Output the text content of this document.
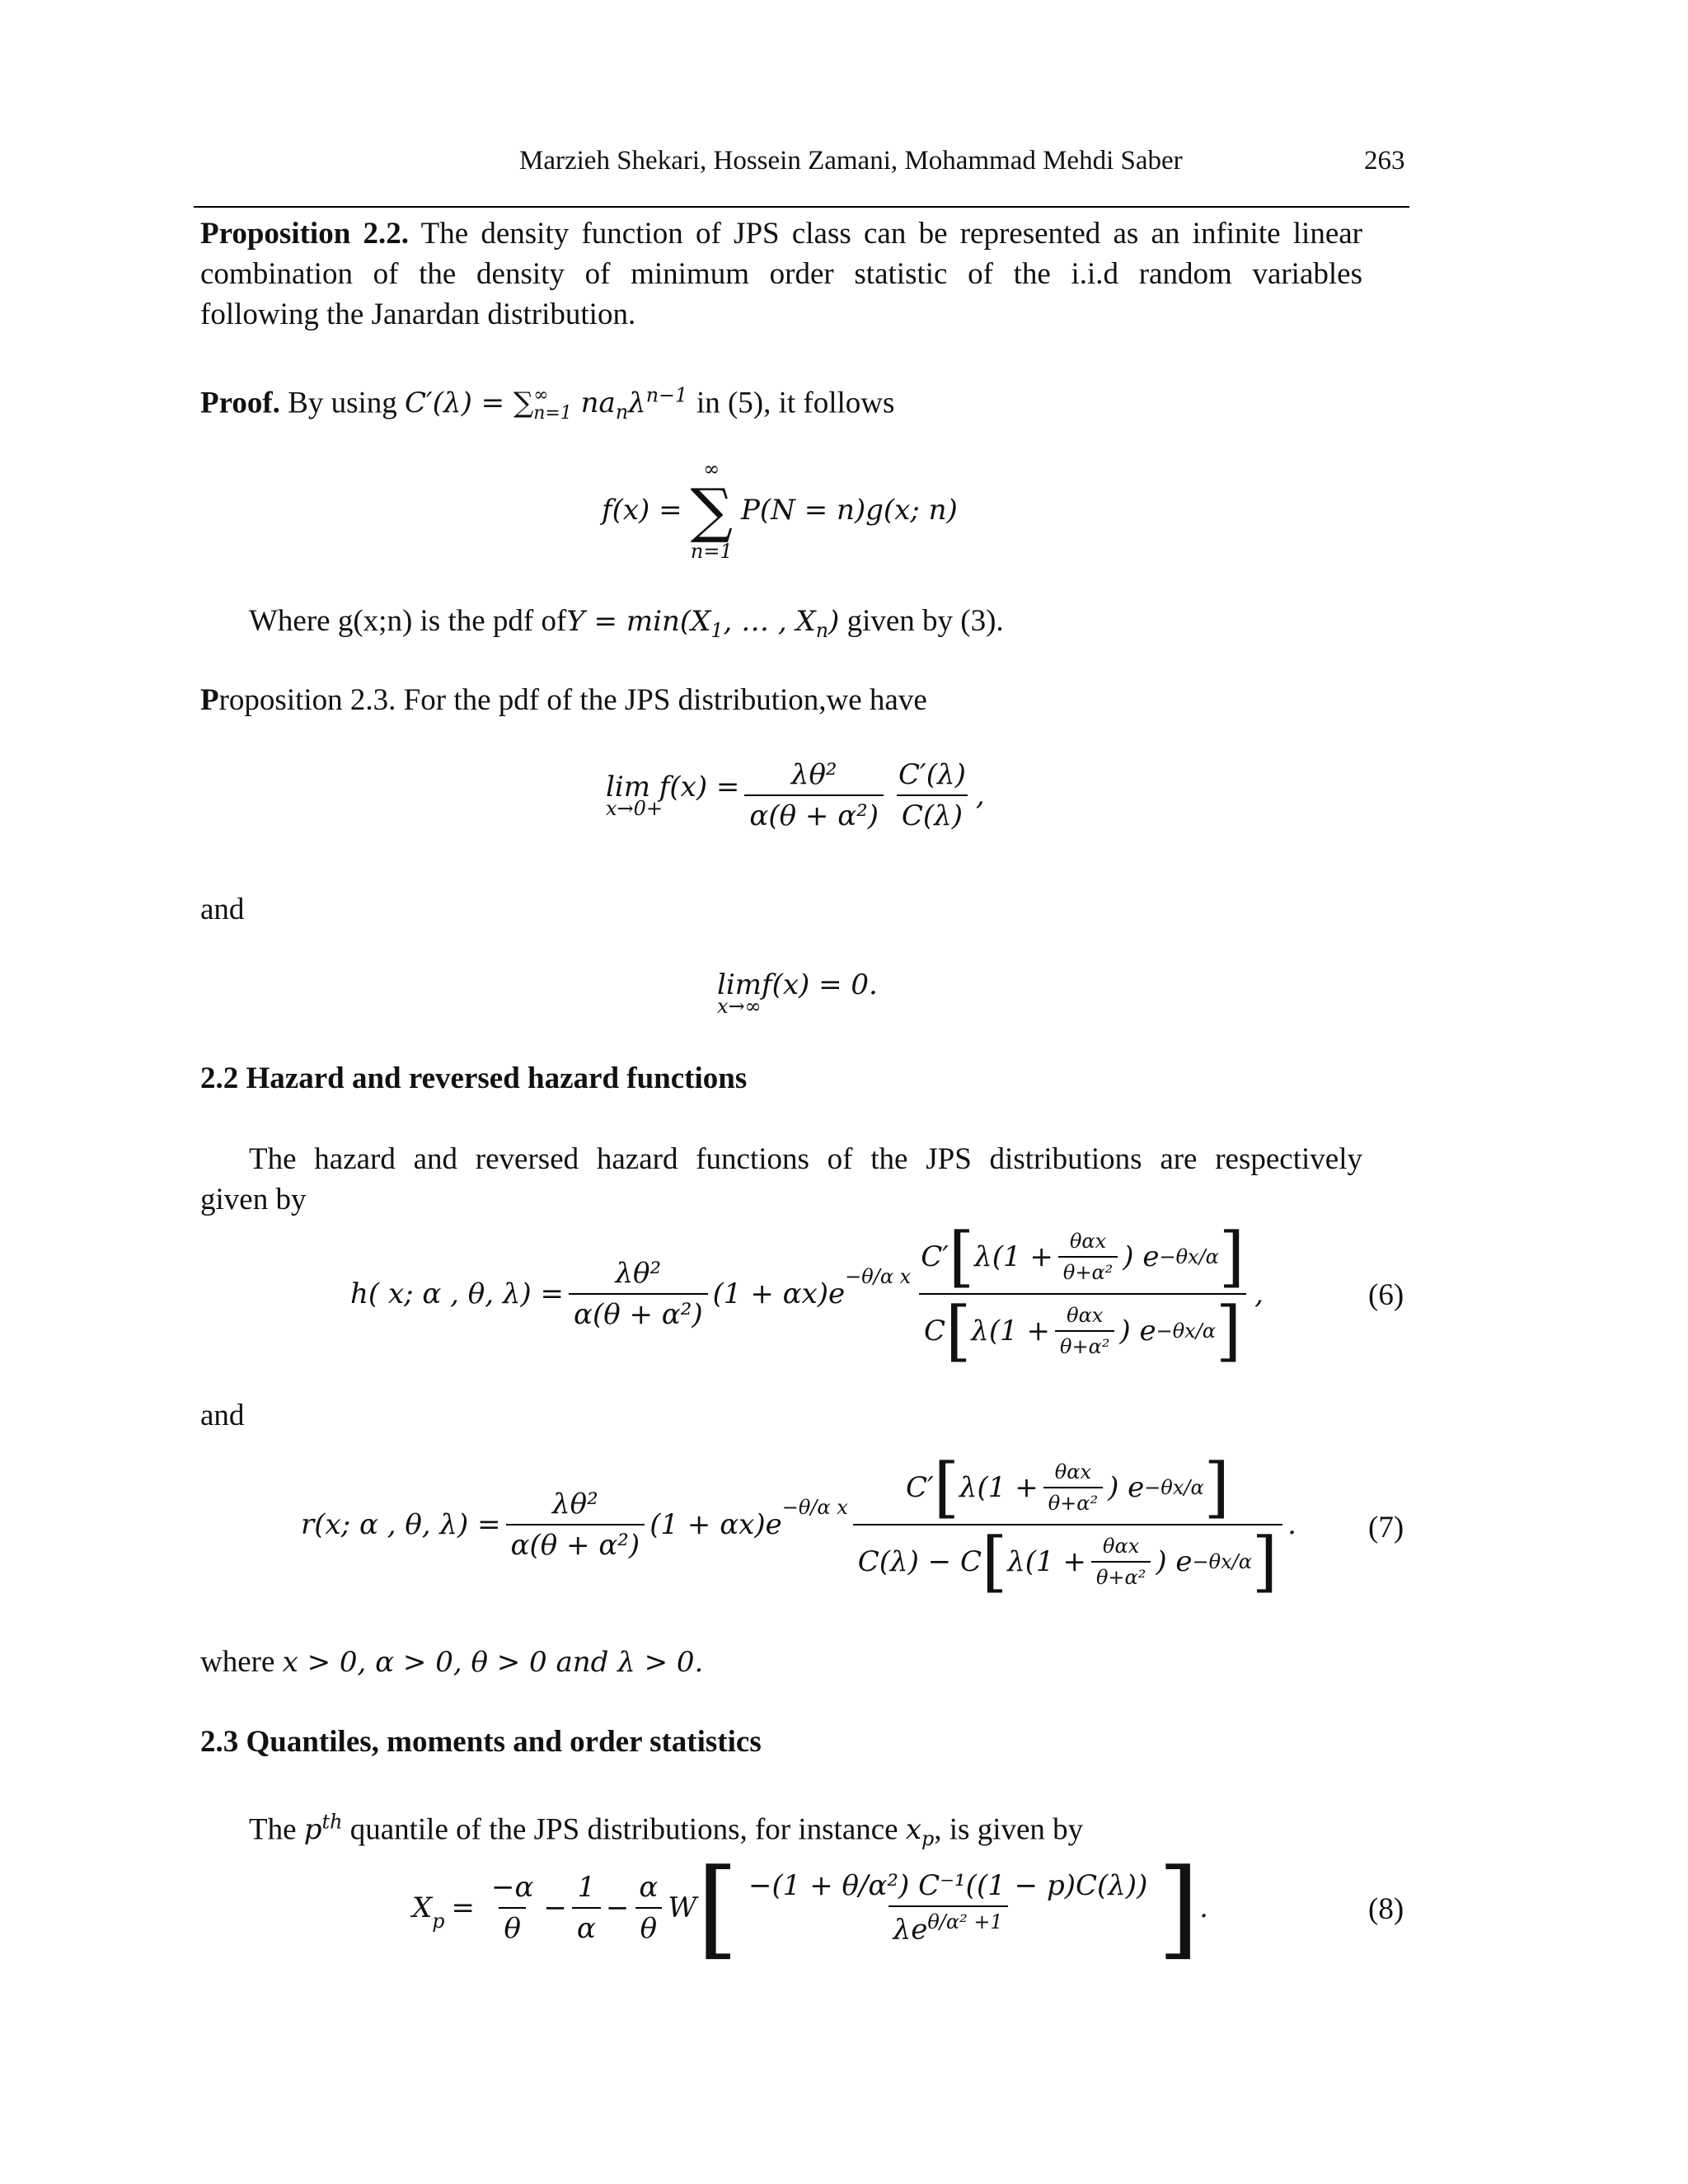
Marzieh Shekari, Hossein Zamani, Mohammad Mehdi Saber	263
Proposition 2.2. The density function of JPS class can be represented as an infinite linear
combination of the density of minimum order statistic of the i.i.d random variables
following the Janardan distribution.
Proof. By using C′(λ) = ∑ ∞
n=1 $na_n\lambda^{n-1}$ in (5), it follows
f(x) =
∞
∑
n=1
P(N = n)g(x; n)
Where g(x;n) is the pdf ofY = $\min(X_1$, … , $X_n$) given by (3).
Proposition 2.3. For the pdf of the JPS distribution,we have
lim f(x) =
x→0+	$\frac{\text{λθ²}}{\text{α(θ + α²)}} \frac{C'(\lambda)}{C(\lambda)}$ ,
and
limf(x) = 0.
x→∞
2.2 Hazard and reversed hazard functions
The hazard and reversed hazard functions of the JPS distributions are respectively
given by
h( x; α , θ, $\lambda) = \frac{\text{λθ²}}{\text{α(θ + α²)}} (1 + \alpha x)e$
$^{-\theta/\alpha x} \frac{C' [ \lambda(1 + \frac{\text{θαx}}{\text{θ+α²}} ) e -\theta x/\alpha ]}{C [ \lambda(1 + \frac{\text{θαx}}{\text{θ+α²}} ) e -\theta x/\alpha ]}$ ,	(6)
and
r(x; α , θ, $\lambda) = \frac{\text{λθ²}}{\text{α(θ + α²)}} (1 + \alpha x)e$
$^{-\theta/\alpha x} \frac{C' [ \lambda(1 + \frac{\text{θαx}}{\text{θ+α²}} ) e -\theta x/\alpha ]}{C(\lambda) - C [ \lambda(1 + \frac{\text{θαx}}{\text{θ+α²}} ) e -\theta x/\alpha ]}$ . (7)
where x > 0, α > 0, θ > 0 and λ > 0.
2.3 Quantiles, moments and order statistics
The $p^{th}$ quantile of the JPS distributions, for instance $x_p$, is given by
$X_p = \frac{-\alpha}{\theta} - \frac{1}{\alpha} - \frac{\alpha}{\theta}$ W [ $\frac{\text{−(1 + θ/α²) C⁻¹((1 − p)C(λ))}}{\lambda e^{\theta/\alpha^2 +1}}$ ] .	(8)
